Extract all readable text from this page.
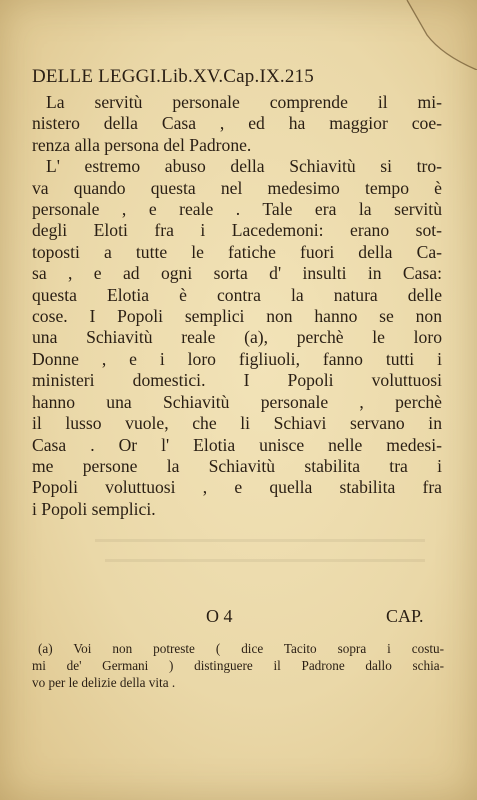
DELLE LEGGI.Lib.XV.Cap.IX.215
La servitù personale comprende il mi-
nistero della Casa , ed ha maggior coe-
renza alla persona del Padrone.
L' estremo abuso della Schiavitù si tro-
va quando questa nel medesimo tempo è
personale , e reale . Tale era la servitù
degli Eloti fra i Lacedemoni: erano sot-
toposti a tutte le fatiche fuori della Ca-
sa , e ad ogni sorta d' insulti in Casa:
questa Elotia è contra la natura delle
cose. I Popoli semplici non hanno se non
una Schiavitù reale (a), perchè le loro
Donne , e i loro figliuoli, fanno tutti i
ministeri domestici. I Popoli voluttuosi
hanno una Schiavitù personale , perchè
il lusso vuole, che li Schiavi servano in
Casa . Or l' Elotia unisce nelle medesi-
me persone la Schiavitù stabilita tra i
Popoli voluttuosi , e quella stabilita fra
i Popoli semplici.
O 4	CAP.
(a) Voi non potreste ( dice Tacito sopra i costu-
mi de' Germani ) distinguere il Padrone dallo schia-
vo per le delizie della vita .
